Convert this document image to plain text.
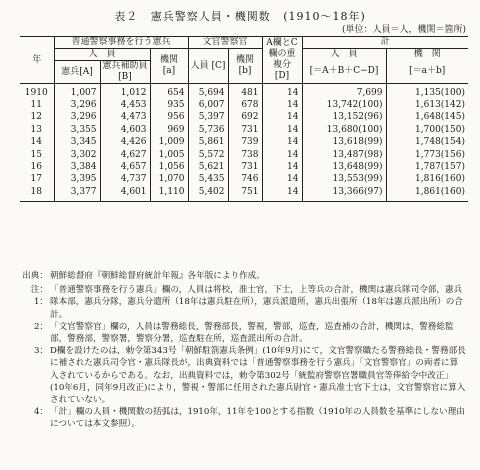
表２ 憲兵警察人員・機関数 (1910〜18年)
(単位：人員＝人，機関＝箇所)
年	普通警察事務を行う憲兵			文官警察官		A欄とC欄の重複分 [D]	計	
	人　員		機関 [a]	人員 [C]	機関 [b]		人　員	機　関
	憲兵[A]	憲兵補助員 [B]					[＝A＋B＋C−D]	[＝a＋b]
1910	1,007	1,012	654	5,694	481	14	7,699	1,135(100)
11	3,296	4,453	935	6,007	678	14	13,742(100)	1,613(142)
12	3,296	4,473	956	5,397	692	14	13,152(96)	1,648(145)
13	3,355	4,603	969	5,736	731	14	13,680(100)	1,700(150)
14	3,345	4,426	1,009	5,861	739	14	13,618(99)	1,748(154)
15	3,302	4,627	1,005	5,572	738	14	13,487(98)	1,773(156)
16	3,384	4,657	1,056	5,621	731	14	13,648(99)	1,787(157)
17	3,395	4,737	1,070	5,435	746	14	13,553(99)	1,816(160)
18	3,377	4,601	1,110	5,402	751	14	13,366(97)	1,861(160)
出典： 朝鮮総督府『朝鮮総督府統計年報』各年版により作成。
注：1：
「普通警察事務を行う憲兵」欄の，人員は将校，准士官，下士，上等兵の合計，機関は憲兵隊司令部，憲兵隊本部，憲兵分隊，憲兵分遣所（18年は憲兵駐在所），憲兵派遣所，憲兵出張所（18年は憲兵派出所）の合計。
2： 「文官警察官」欄の，人員は警務総長，警務部長，警視，警部，巡査，巡査補の合計，機関は，警務総監部，警務部，警察署，警察分署，巡査駐在所，巡査派出所の合計。
3： D欄を設けたのは，勅令第343号「朝鮮駐箚憲兵条例」(10年9月)にて，文官警察職たる警務総長・警務部長に補された憲兵司令官・憲兵隊長が，出典資料では「普通警察事務を行う憲兵」「文官警察官」の両者に算入されているからである。なお，出典資料では，勅令第302号「統監府警察官署職員官等俸給令中改正」(10年6月，同年9月改正)により，警視・警部に任用された憲兵尉官・憲兵准士官下士は，文官警察官に算入されていない。
4： 「計」欄の人員・機関数の括弧は，1910年，11年を100とする指数（1910年の人員数を基準にしない理由については本文参照）。
